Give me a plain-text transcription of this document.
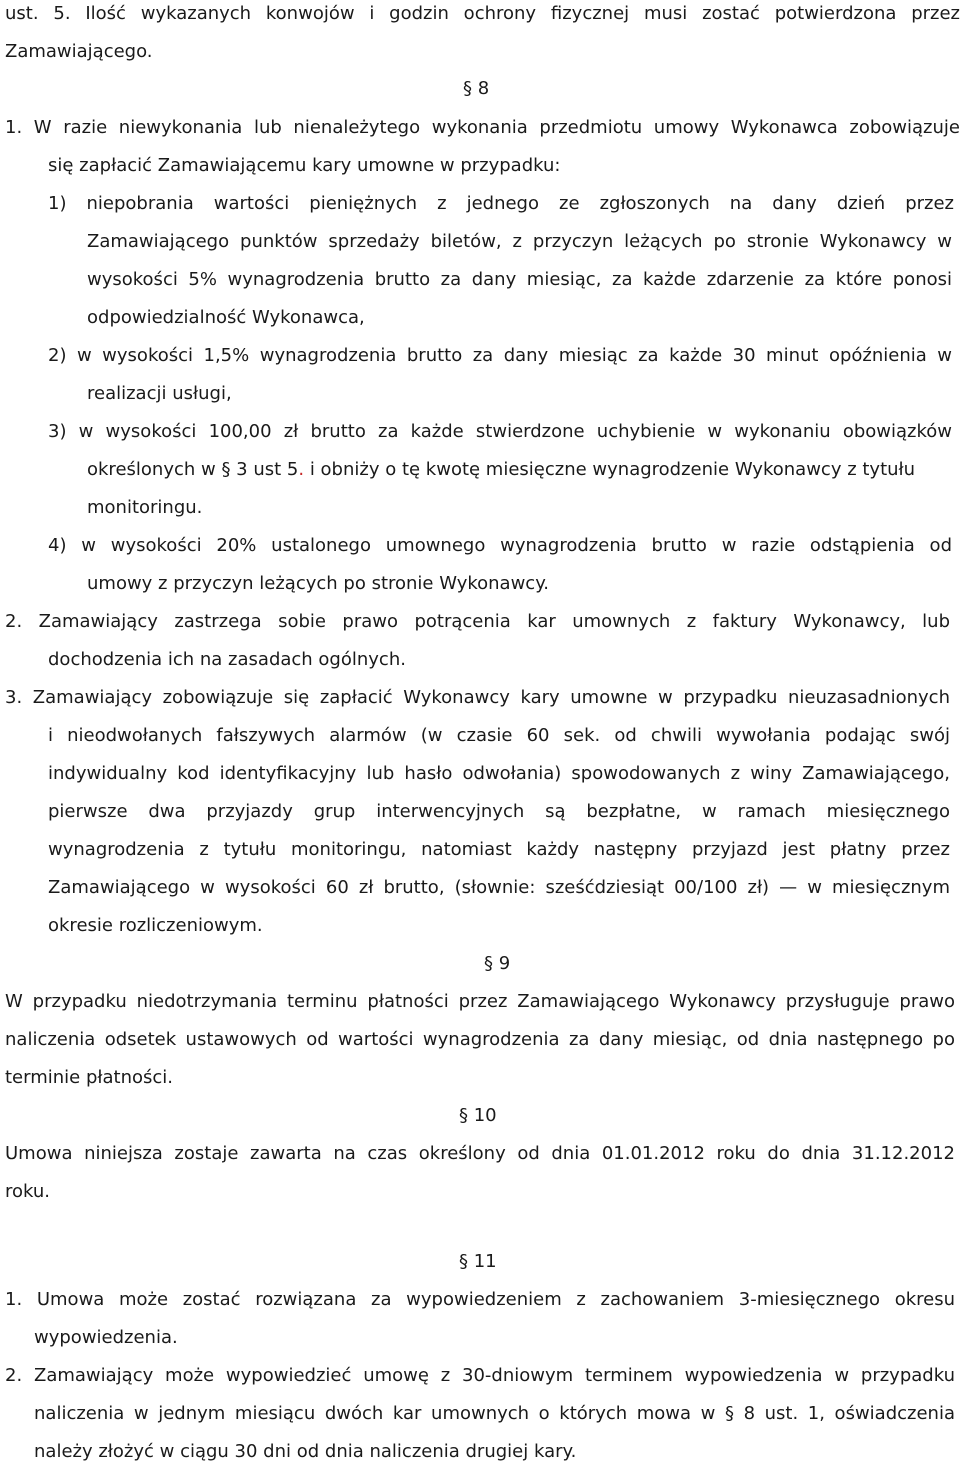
ust. 5. Ilość wykazanych konwojów i godzin ochrony fizycznej musi zostać potwierdzona przez
Zamawiającego.
§ 8
1. W razie niewykonania lub nienależytego wykonania przedmiotu umowy Wykonawca zobowiązuje
się zapłacić Zamawiającemu kary umowne w przypadku:
1) niepobrania wartości pieniężnych z jednego ze zgłoszonych na dany dzień przez
Zamawiającego punktów sprzedaży biletów, z przyczyn leżących po stronie Wykonawcy w
wysokości 5% wynagrodzenia brutto za dany miesiąc, za każde zdarzenie za które ponosi
odpowiedzialność Wykonawca,
2) w wysokości 1,5% wynagrodzenia brutto za dany miesiąc za każde 30 minut opóźnienia w
realizacji usługi,
3) w wysokości 100,00 zł brutto za każde stwierdzone uchybienie w wykonaniu obowiązków
określonych w § 3 ust 5. i obniży o tę kwotę miesięczne wynagrodzenie Wykonawcy z tytułu
monitoringu.
4) w wysokości 20% ustalonego umownego wynagrodzenia brutto w razie odstąpienia od
umowy z przyczyn leżących po stronie Wykonawcy.
2. Zamawiający zastrzega sobie prawo potrącenia kar umownych z faktury Wykonawcy, lub
dochodzenia ich na zasadach ogólnych.
3. Zamawiający zobowiązuje się zapłacić Wykonawcy kary umowne w przypadku nieuzasadnionych
i nieodwołanych fałszywych alarmów (w czasie 60 sek. od chwili wywołania podając swój
indywidualny kod identyfikacyjny lub hasło odwołania) spowodowanych z winy Zamawiającego,
pierwsze dwa przyjazdy grup interwencyjnych są bezpłatne, w ramach miesięcznego
wynagrodzenia z tytułu monitoringu, natomiast każdy następny przyjazd jest płatny przez
Zamawiającego w wysokości 60 zł brutto, (słownie: sześćdziesiąt 00/100 zł) — w miesięcznym
okresie rozliczeniowym.
§ 9
W przypadku niedotrzymania terminu płatności przez Zamawiającego Wykonawcy przysługuje prawo
naliczenia odsetek ustawowych od wartości wynagrodzenia za dany miesiąc, od dnia następnego po
terminie płatności.
§ 10
Umowa niniejsza zostaje zawarta na czas określony od dnia 01.01.2012 roku do dnia 31.12.2012
roku.
§ 11
1. Umowa może zostać rozwiązana za wypowiedzeniem z zachowaniem 3-miesięcznego okresu
wypowiedzenia.
2. Zamawiający może wypowiedzieć umowę z 30-dniowym terminem wypowiedzenia w przypadku
naliczenia w jednym miesiącu dwóch kar umownych o których mowa w § 8 ust. 1, oświadczenia
należy złożyć w ciągu 30 dni od dnia naliczenia drugiej kary.
